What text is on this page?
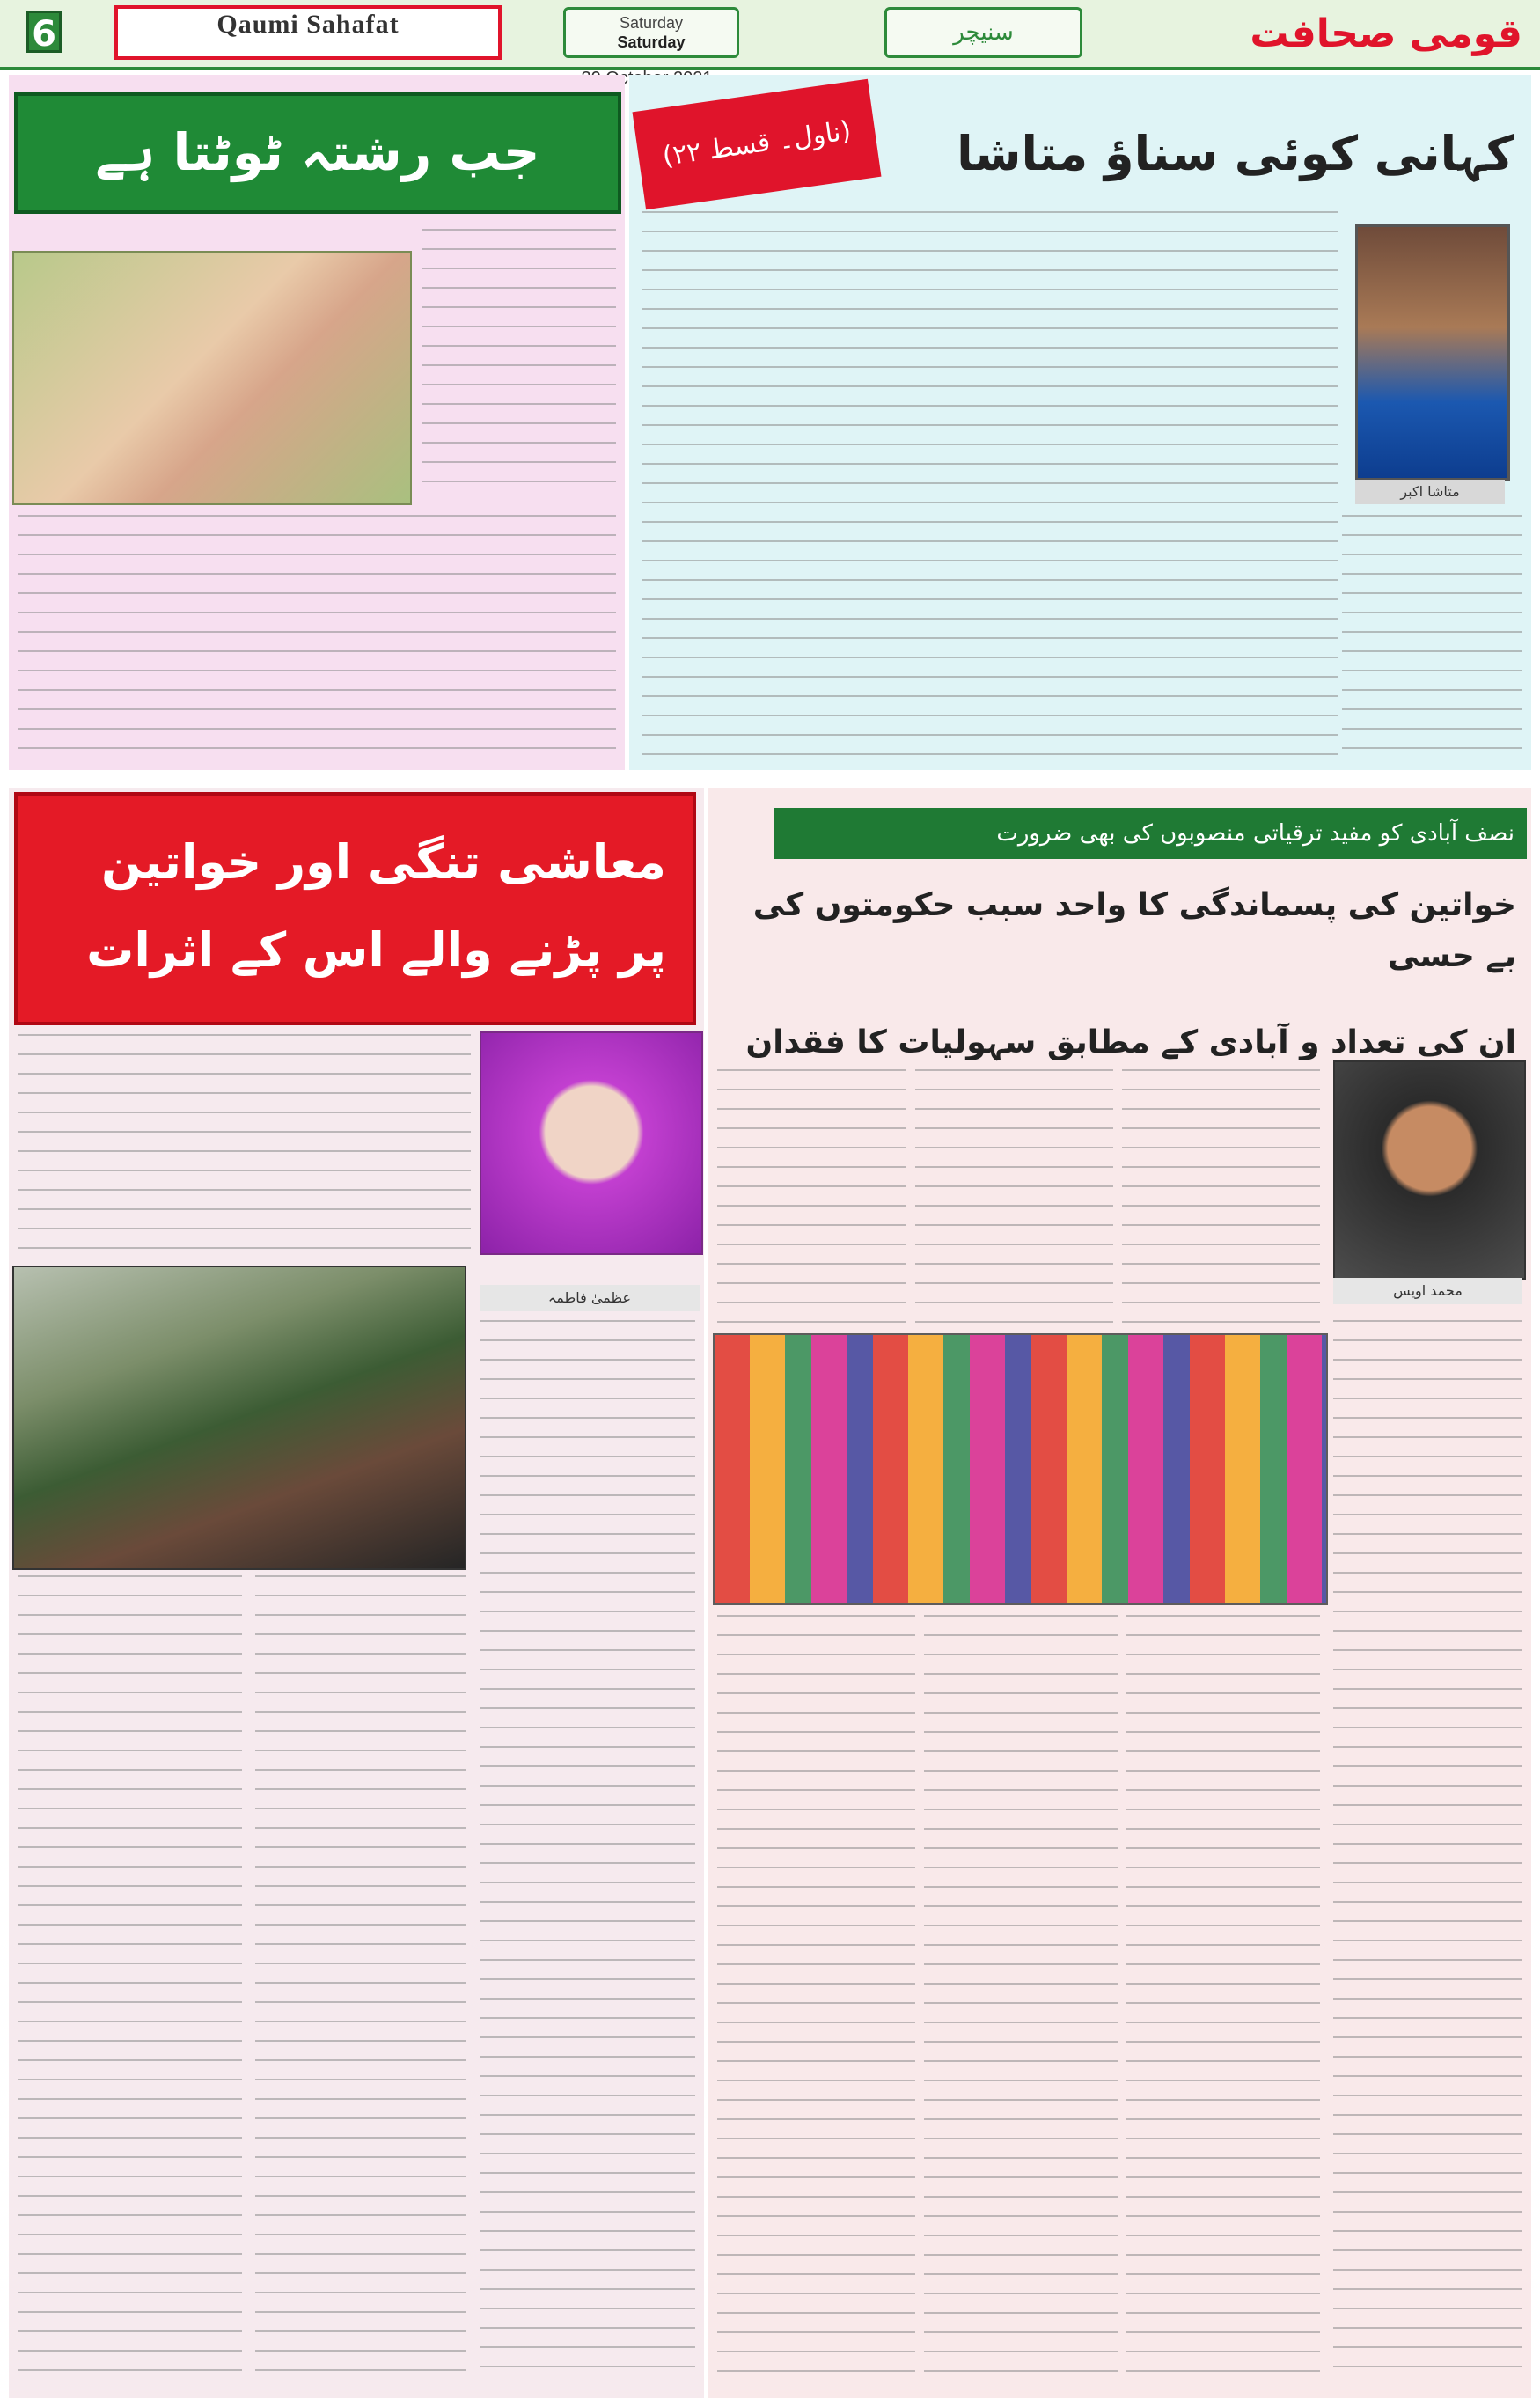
6	Qaumi Sahafat	Saturday
Saturday	سنیچر	قومی صحافت
جب رشتہ ٹوٹتا ہے	(ناول۔ قسط ۲۲)	کہانی کوئی سناؤ متاشا
متاشا اکبر
معاشی تنگی اور خواتین پر پڑنے والے اس کے اثرات
عظمیٰ فاطمہ
نصف آبادی کو مفید ترقیاتی منصوبوں کی بھی ضرورت
خواتین کی پسماندگی کا واحد سبب حکومتوں کی بے حسی
ان کی تعداد و آبادی کے مطابق سہولیات کا فقدان
محمد اویس
